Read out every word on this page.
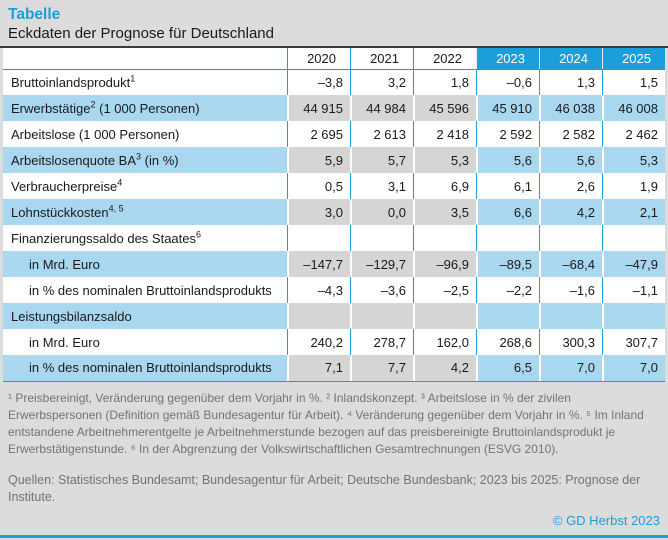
Tabelle
Eckdaten der Prognose für Deutschland
	2020	2021	2022	2023	2024	2025
Bruttoinlandsprodukt$^1$	–3,8	3,2	1,8	–0,6	1,3	1,5
Erwerbstätige$^2$ (1 000 Personen)	44 915	44 984	45 596	45 910	46 038	46 008
Arbeitslose (1 000 Personen)	2 695	2 613	2 418	2 592	2 582	2 462
Arbeitslosenquote $BA^3$ (in %)	5,9	5,7	5,3	5,6	5,6	5,3
Verbraucherpreise$^4$	0,5	3,1	6,9	6,1	2,6	1,9
Lohnstückkosten$^{4, 5}$	3,0	0,0	3,5	6,6	4,2	2,1
Finanzierungssaldo des Staates$^6$						
in Mrd. Euro	–147,7	–129,7	–96,9	–89,5	–68,4	–47,9
in % des nominalen Bruttoinlandsprodukts	–4,3	–3,6	–2,5	–2,2	–1,6	–1,1
Leistungsbilanzsaldo						
in Mrd. Euro	240,2	278,7	162,0	268,6	300,3	307,7
in % des nominalen Bruttoinlandsprodukts	7,1	7,7	4,2	6,5	7,0	7,0
¹ Preisbereinigt, Veränderung gegenüber dem Vorjahr in %. ² Inlandskonzept. ³ Arbeitslose in % der zivilen Erwerbspersonen (Definition gemäß Bundesagentur für Arbeit). ⁴ Veränderung gegenüber dem Vorjahr in %. ⁵ Im Inland entstandene Arbeitnehmerentgelte je Arbeitnehmerstunde bezogen auf das preisbereinigte Bruttoinlandsprodukt je Erwerbstätigenstunde. ⁶ In der Abgrenzung der Volkswirtschaftlichen Gesamtrechnungen (ESVG 2010).
Quellen: Statistisches Bundesamt; Bundesagentur für Arbeit; Deutsche Bundesbank; 2023 bis 2025: Prognose der Institute.
© GD Herbst 2023
